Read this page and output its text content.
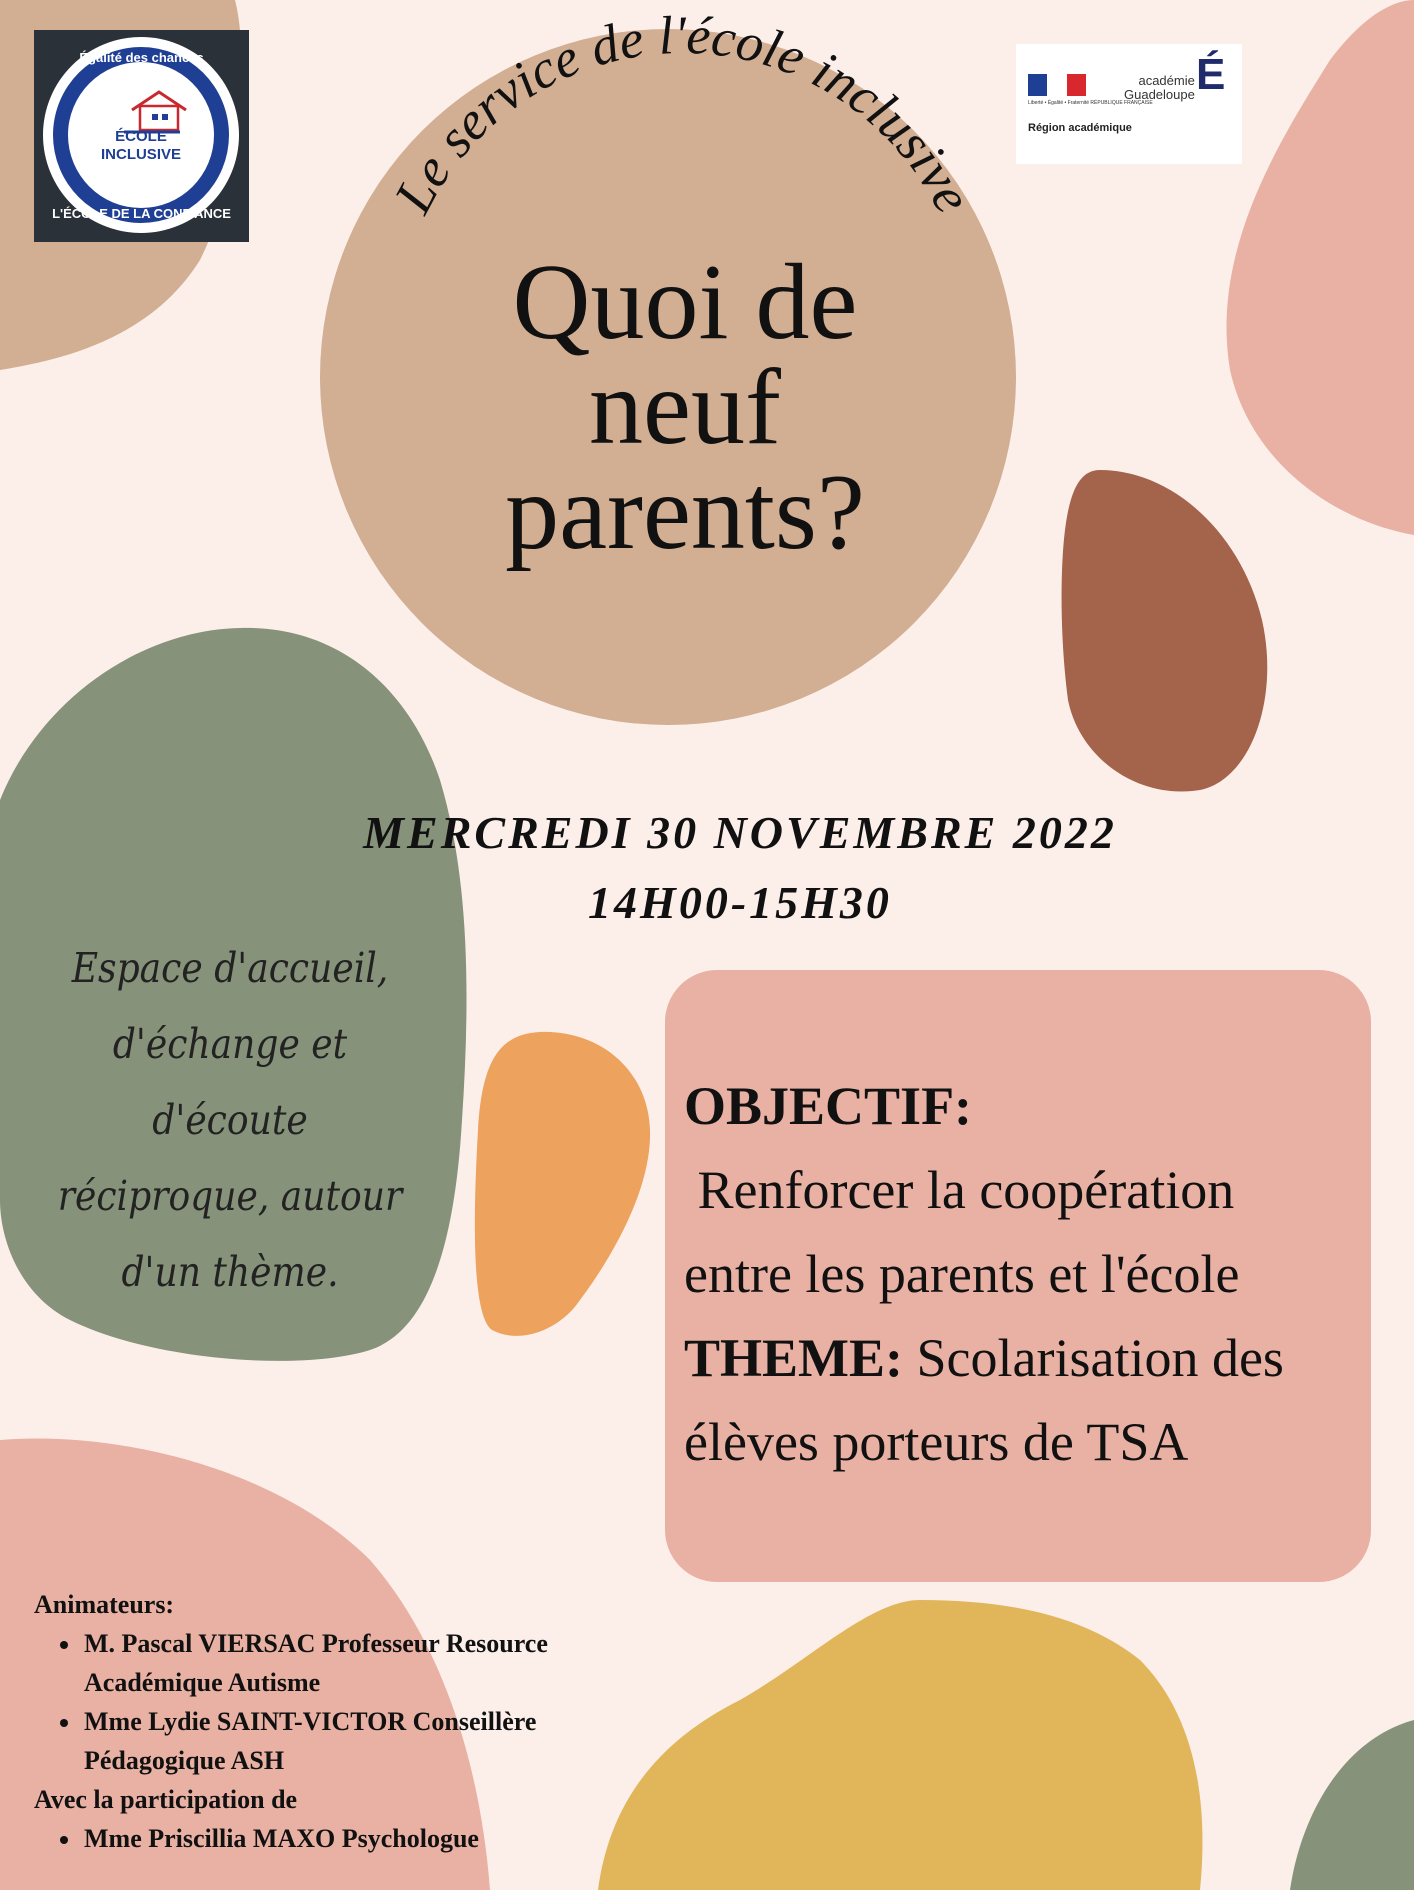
Le service de l'école inclusive
Égalité des chances
ÉCOLE INCLUSIVE
L'ÉCOLE DE LA CONFIANCE
Liberté • Égalité • Fraternité RÉPUBLIQUE FRANÇAISE
académie
Guadeloupe É
Région académique
Quoi de
neuf
parents?
MERCREDI 30 NOVEMBRE 2022
14H00-15H30
Espace d'accueil,
d'échange et d'écoute
réciproque, autour
d'un thème.
OBJECTIF:
Renforcer la coopération
entre les parents et l'école
THEME: Scolarisation des
élèves porteurs de TSA
Animateurs:
• M. Pascal VIERSAC Professeur Resource
Académique Autisme
• Mme Lydie SAINT-VICTOR Conseillère
Pédagogique ASH
Avec la participation de
• Mme Priscillia MAXO Psychologue
